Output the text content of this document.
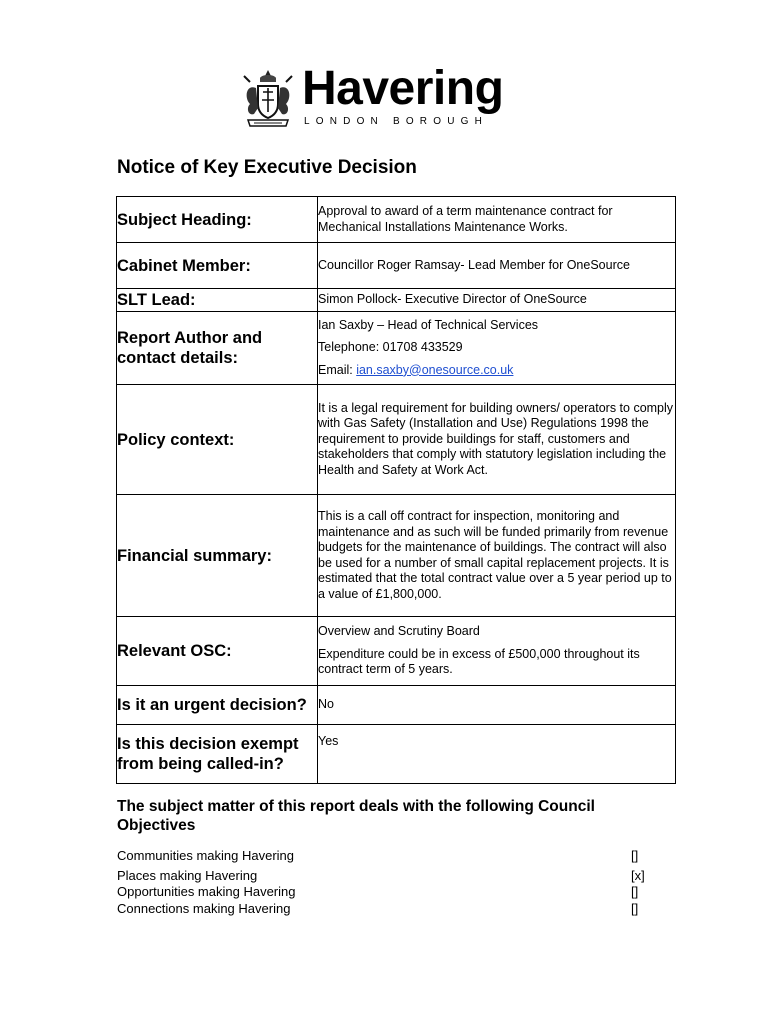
Havering
LONDON BOROUGH
Notice of Key Executive Decision
Subject Heading:	Approval to award of a term maintenance contract for Mechanical Installations Maintenance Works.
Cabinet Member:	Councillor Roger Ramsay- Lead Member for OneSource
SLT Lead:	Simon Pollock- Executive Director of OneSource
Report Author and contact details:	Ian Saxby – Head of Technical Services

Telephone: 01708 433529

Email: ian.saxby@onesource.co.uk

Policy context:	It is a legal requirement for building owners/ operators to comply with Gas Safety (Installation and Use) Regulations 1998 the requirement to provide buildings for staff, customers and stakeholders that comply with statutory legislation including the Health and Safety at Work Act.
Financial summary:	This is a call off contract for inspection, monitoring and maintenance and as such will be funded primarily from revenue budgets for the maintenance of buildings. The contract will also be used for a number of small capital replacement projects. It is estimated that the total contract value over a 5 year period up to a value of £1,800,000.
Relevant OSC:	Overview and Scrutiny Board

Expenditure could be in excess of £500,000 throughout its contract term of 5 years.

Is it an urgent decision?	No
Is this decision exempt from being called-in?	Yes
The subject matter of this report deals with the following Council Objectives
Communities making Havering	[]
Places making Havering	[x]
Opportunities making Havering	[]
Connections making Havering	[]
